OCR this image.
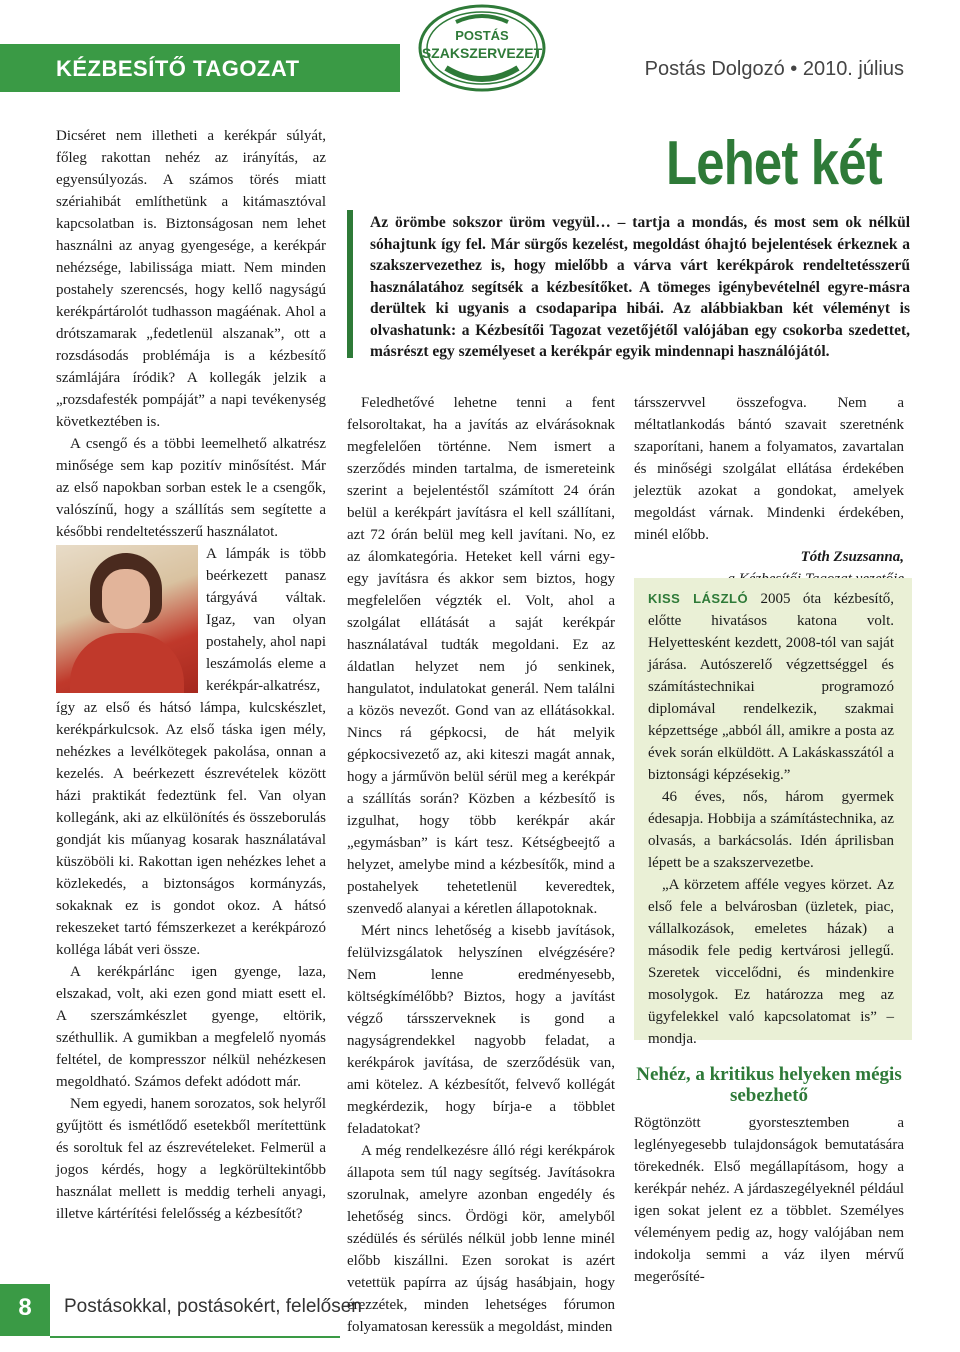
KÉZBESÍTŐ TAGOZAT	Postás Dolgozó • 2010. július
POSTÁS
SZAKSZERVEZET
Lehet két
Az örömbe sokszor üröm vegyül… – tartja a mondás, és most sem ok nélkül sóhajtunk így fel. Már sürgős kezelést, megoldást óhajtó bejelentések érkeznek a szakszervezethez is, hogy mielőbb a várva várt kerékpárok rendeltetésszerű használatához segítsék a kézbesítőket. A tömeges igénybevételnél egyre-másra derültek ki ugyanis a csodaparipa hibái. Az alábbiakban két véleményt is olvashatunk: a Kézbesítői Tagozat vezetőjétől valójában egy csokorba szedettet, másrészt egy személyeset a kerékpár egyik mindennapi használójától.

Dicséret nem illetheti a kerékpár súlyát, főleg rakottan nehéz az irányítás, az egyensúlyozás. A számos törés miatt szériahibát említhetünk a kitámasztóval kapcsolatban is. Biztonságosan nem lehet használni az anyag gyengesége, a kerékpár nehézsége, labilissága miatt. Nem minden postahely szerencsés, hogy kellő nagyságú kerékpártárolót tudhasson magáénak. Ahol a drótszamarak „fedetlenül alszanak”, ott a rozsdásodás problémája is a kézbesítő számlájára íródik? A kollegák jelzik a „rozsdafesték pompáját” a napi tevékenység következtében is.

A csengő és a többi leemelhető alkatrész minősége sem kap pozitív minősítést. Már az első napokban sorban estek le a csengők, valószínű, hogy a szállítás sem segítette a későbbi rendeltetésszerű használatot.

A lámpák is több beérkezett panasz tárgyává váltak. Igaz, van olyan postahely, ahol napi leszámolás eleme a kerékpár-alkatrész, így az első és hátsó lámpa, kulcskészlet, kerékpárkulcsok. Az első táska igen mély, nehézkes a levélkötegek pakolása, onnan a kezelés. A beérkezett észrevételek között házi praktikát fedeztünk fel. Van olyan kollegánk, aki az elkülönítés és összeborulás gondját kis műanyag kosarak használatával küszöböli ki. Rakottan igen nehézkes lehet a közlekedés, a biztonságos kormányzás, sokaknak ez is gondot okoz. A hátsó rekeszeket tartó fémszerkezet a kerékpározó kolléga lábát veri össze.

A kerékpárlánc igen gyenge, laza, elszakad, volt, aki ezen gond miatt esett el. A szerszámkészlet gyenge, eltörik, széthullik. A gumikban a megfelelő nyomás feltétel, de kompresszor nélkül nehézkesen megoldható. Számos defekt adódott már.

Nem egyedi, hanem sorozatos, sok helyről gyűjtött és ismétlődő esetekből merítettünk és soroltuk fel az észrevételeket. Felmerül a jogos kérdés, hogy a legkörültekintőbb használat mellett is meddig terheli anyagi, illetve kártérítési felelősség a kézbesítőt?

Feledhetővé lehetne tenni a fent felsoroltakat, ha a javítás az elvárásoknak megfelelően történne. Nem ismert a szerződés minden tartalma, de ismereteink szerint a bejelentéstől számított 24 órán belül a kerékpárt javításra el kell szállítani, azt 72 órán belül meg kell javítani. No, ez az álomkategória. Heteket kell várni egy-egy javításra és akkor sem biztos, hogy megfelelően végzték el. Volt, ahol a szolgálat ellátását a saját kerékpár használatával tudták megoldani. Ez az áldatlan helyzet nem jó senkinek, hangulatot, indulatokat generál. Nem találni a közös nevezőt. Gond van az ellátásokkal. Nincs rá gépkocsi, de hát melyik gépkocsivezető az, aki kiteszi magát annak, hogy a járművön belül sérül meg a kerékpár a szállítás során? Közben a kézbesítő is izgulhat, hogy több kerékpár akár „egymásban” is kárt tesz. Kétségbeejtő a helyzet, amelybe mind a kézbesítők, mind a postahelyek tehetetlenül keveredtek, szenvedő alanyai a kéretlen állapotoknak.

Mért nincs lehetőség a kisebb javítások, felülvizsgálatok helyszínen elvégzésére? Nem lenne eredményesebb, költségkímélőbb? Biztos, hogy a javítást végző társszerveknek is gond a nagyságrendekkel nagyobb feladat, a kerékpárok javítása, de szerződésük van, ami kötelez. A kézbesítőt, felvevő kollégát megkérdezik, hogy bírja-e a többlet feladatokat?

A még rendelkezésre álló régi kerékpárok állapota sem túl nagy segítség. Javításokra szorulnak, amelyre azonban engedély és lehetőség sincs. Ördögi kör, amelyből szédülés és sérülés nélkül jobb lenne minél előbb kiszállni. Ezen sorokat is azért vetettük papírra az újság hasábjain, hogy érezzétek, minden lehetséges fórumon folyamatosan keressük a megoldást, minden

társszervvel összefogva. Nem a méltatlankodás bántó szavait szeretnénk szaporítani, hanem a folyamatos, zavartalan és minőségi szolgálat ellátása érdekében jeleztük azokat a gondokat, amelyek megoldást várnak. Mindenki érdekében, minél előbb.

Tóth Zsuzsanna,

KISS LÁSZLÓ 2005 óta kézbesítő, előtte hivatásos katona volt. Helyettesként kezdett, 2008-tól van saját járása. Autószerelő végzettséggel és számítástechnikai programozó diplomával rendelkezik, szakmai képzettsége „abból áll, amikre a posta az évek során elküldött. A Lakáskasszától a biztonsági képzésekig.”

46 éves, nős, három gyermek édesapja. Hobbija a számítástechnika, az olvasás, a barkácsolás. Idén áprilisban lépett be a szakszervezetbe.

„A körzetem afféle vegyes körzet. Az első fele a belvárosban (üzletek, piac, vállalkozások, emeletes házak) a második fele pedig kertvárosi jellegű. Szeretek viccelődni, és mindenkire mosolygok. Ez határozza meg az ügyfelekkel való kapcsolatomat is” – mondja.

Nehéz, a kritikus helyeken mégis sebezhető

Rögtönzött gyorstesztemben a leglényegesebb tulajdonságok bemutatására törekednék. Első megállapításom, hogy a kerékpár nehéz. A járdaszegélyeknél például igen sokat jelent ez a többlet. Személyes véleményem pedig az, hogy valójában nem indokolja semmi a váz ilyen mérvű megerősíté-

8	Postásokkal, postásokért, felelősen
